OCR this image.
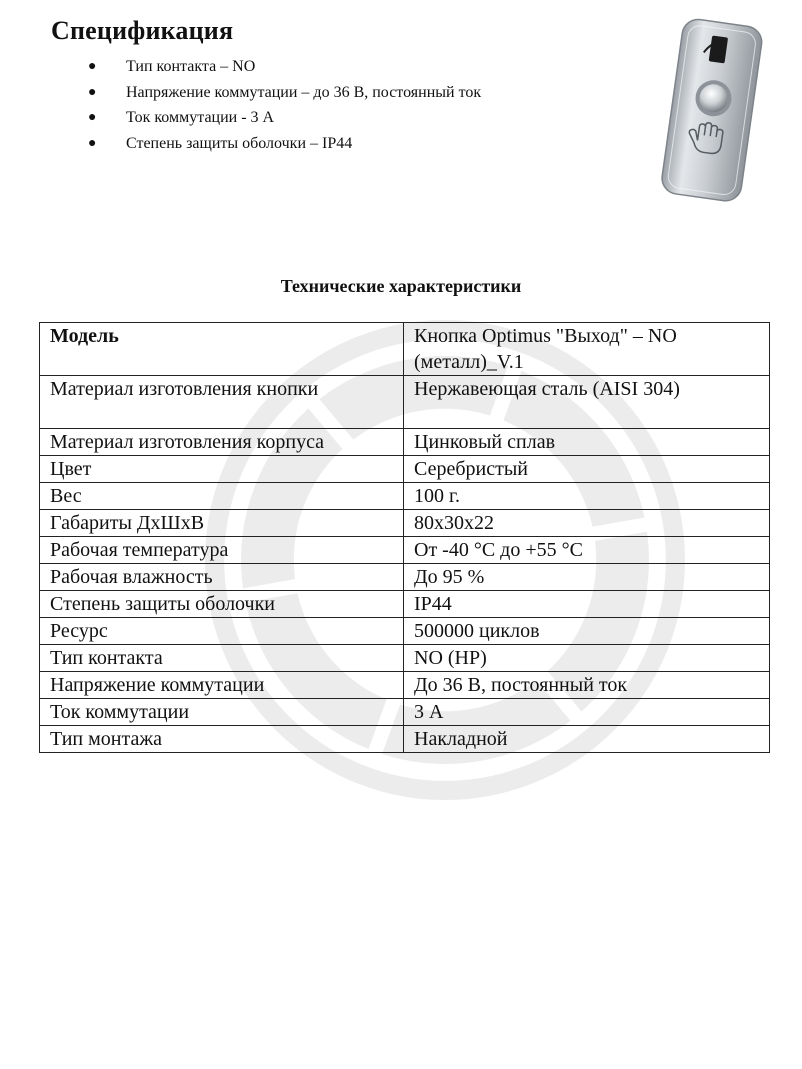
Спецификация
● Тип контакта – NO
● Напряжение коммутации – до 36 В, постоянный ток
● Ток коммутации - 3 А
● Степень защиты оболочки – IP44
Технические характеристики
Модель	Кнопка Optimus "Выход" – NO (металл)_V.1
Материал изготовления кнопки	Нержавеющая сталь (AISI 304)
Материал изготовления корпуса	Цинковый сплав
Цвет	Серебристый
Вес	100 г.
Габариты ДхШхВ	80х30х22
Рабочая температура	От -40 °С до +55 °С
Рабочая влажность	До 95 %
Степень защиты оболочки	IP44
Ресурс	500000 циклов
Тип контакта	NO (НР)
Напряжение коммутации	До 36 В, постоянный ток
Ток коммутации	3 А
Тип монтажа	Накладной
